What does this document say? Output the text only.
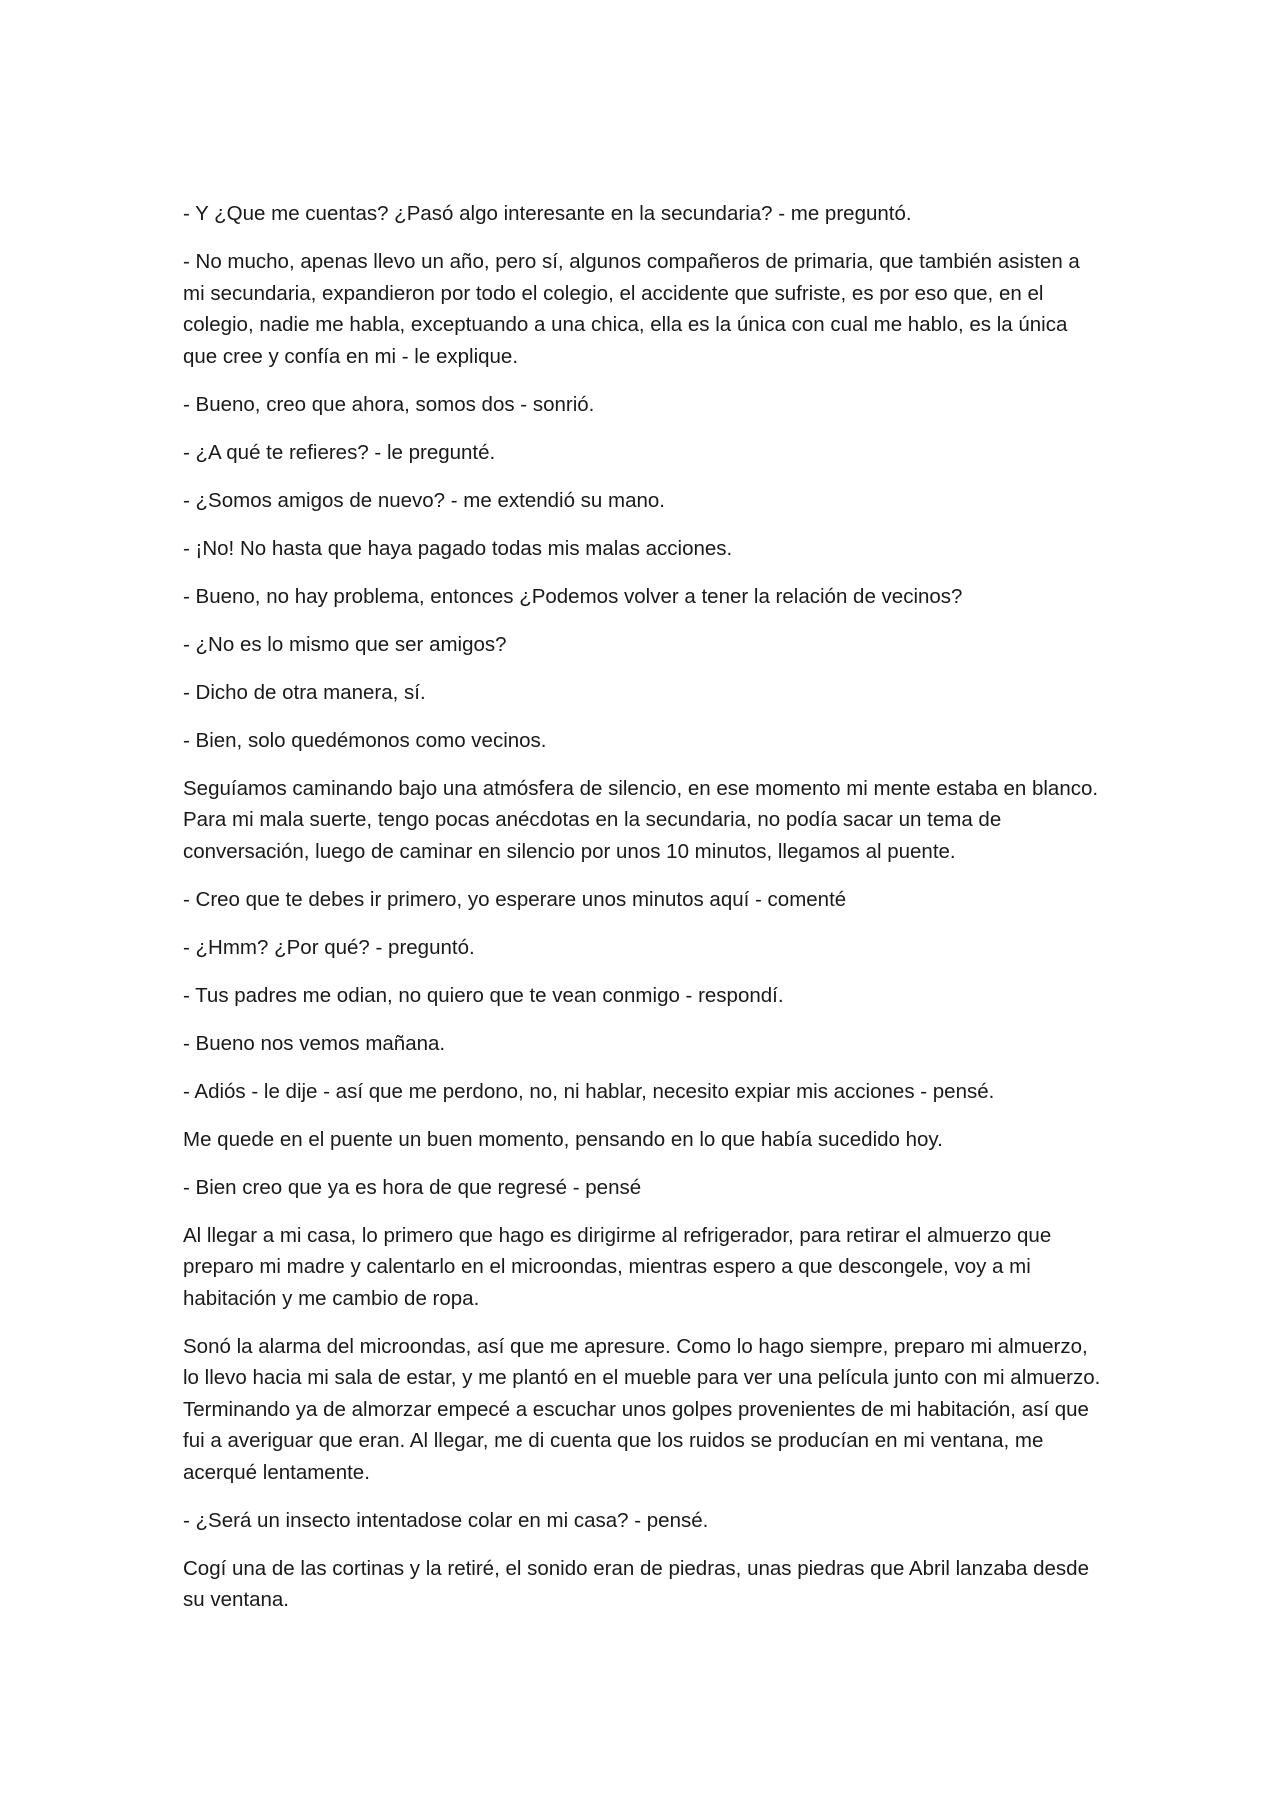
- Y ¿Que me cuentas? ¿Pasó algo interesante en la secundaria? - me preguntó.

- No mucho, apenas llevo un año, pero sí, algunos compañeros de primaria, que también asisten a mi secundaria, expandieron por todo el colegio, el accidente que sufriste, es por eso que, en el colegio, nadie me habla, exceptuando a una chica, ella es la única con cual me hablo, es la única que cree y confía en mi - le explique.

- Bueno, creo que ahora, somos dos - sonrió.

- ¿A qué te refieres? - le pregunté.

- ¿Somos amigos de nuevo? - me extendió su mano.

- ¡No! No hasta que haya pagado todas mis malas acciones.

- Bueno, no hay problema, entonces ¿Podemos volver a tener la relación de vecinos?

- ¿No es lo mismo que ser amigos?

- Dicho de otra manera, sí.

- Bien, solo quedémonos como vecinos.

Seguíamos caminando bajo una atmósfera de silencio, en ese momento mi mente estaba en blanco. Para mi mala suerte, tengo pocas anécdotas en la secundaria, no podía sacar un tema de conversación, luego de caminar en silencio por unos 10 minutos, llegamos al puente.

- Creo que te debes ir primero, yo esperare unos minutos aquí - comenté

- ¿Hmm? ¿Por qué? - preguntó.

- Tus padres me odian, no quiero que te vean conmigo - respondí.

- Bueno nos vemos mañana.

- Adiós - le dije - así que me perdono, no, ni hablar, necesito expiar mis acciones - pensé.

Me quede en el puente un buen momento, pensando en lo que había sucedido hoy.

- Bien creo que ya es hora de que regresé - pensé

Al llegar a mi casa, lo primero que hago es dirigirme al refrigerador, para retirar el almuerzo que preparo mi madre y calentarlo en el microondas, mientras espero a que descongele, voy a mi habitación y me cambio de ropa.

Sonó la alarma del microondas, así que me apresure. Como lo hago siempre, preparo mi almuerzo, lo llevo hacia mi sala de estar, y me plantó en el mueble para ver una película junto con mi almuerzo. Terminando ya de almorzar empecé a escuchar unos golpes provenientes de mi habitación, así que fui a averiguar que eran. Al llegar, me di cuenta que los ruidos se producían en mi ventana, me acerqué lentamente.

- ¿Será un insecto intentadose colar en mi casa? - pensé.

Cogí una de las cortinas y la retiré, el sonido eran de piedras, unas piedras que Abril lanzaba desde su ventana.
